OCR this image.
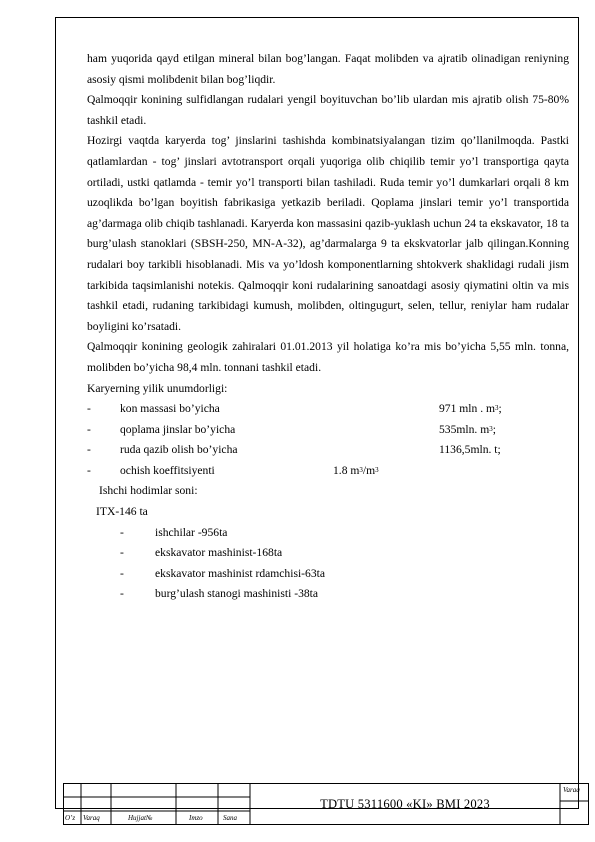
ham yuqorida qayd etilgan mineral bilan bog’langan. Faqat molibden va ajratib olinadigan reniyning asosiy qismi molibdenit bilan bog’liqdir.

Qalmoqqir konining sulfidlangan rudalari yengil boyituvchan bo’lib ulardan mis ajratib olish 75-80% tashkil etadi.

Hozirgi vaqtda karyerda tog’ jinslarini tashishda kombinatsiyalangan tizim qo’llanilmoqda. Pastki qatlamlardan - tog’ jinslari avtotransport orqali yuqoriga olib chiqilib temir yo’l transportiga qayta ortiladi, ustki qatlamda - temir yo’l transporti bilan tashiladi. Ruda temir yo’l dumkarlari orqali 8 km uzoqlikda bo’lgan boyitish fabrikasiga yetkazib beriladi. Qoplama jinslari temir yo’l transportida ag’darmaga olib chiqib tashlanadi. Karyerda kon massasini qazib-yuklash uchun 24 ta ekskavator, 18 ta burg’ulash stanoklari (SBSH-250, MN-A-32), ag’darmalarga 9 ta ekskvatorlar jalb qilingan.Konning rudalari boy tarkibli hisoblanadi. Mis va yo’ldosh komponentlarning shtokverk shaklidagi rudali jism tarkibida taqsimlanishi notekis. Qalmoqqir koni rudalarining sanoatdagi asosiy qiymatini oltin va mis tashkil etadi, rudaning tarkibidagi kumush, molibden, oltingugurt, selen, tellur, reniylar ham rudalar boyligini ko’rsatadi.

Qalmoqqir konining geologik zahiralari 01.01.2013 yil holatiga ko’ra mis bo’yicha 5,55 mln. tonna, molibden bo’yicha 98,4 mln. tonnani tashkil etadi.

Karyerning yilik unumdorligi:
-	kon massasi bo’yicha	971 mln . $m^3$;
-	qoplama jinslar bo’yicha	535mln. $m^3$;
-	ruda qazib olish bo’yicha	1136,5mln. t;
-	ochish koeffitsiyenti	1.8 $m^3/m^3$
Ishchi hodimlar soni:
ITX-146 ta
-	ishchilar -956ta
-	ekskavator mashinist-168ta
-	ekskavator mashinist rdamchisi-63ta
-	burg’ulash stanogi mashinisti -38ta
O’z Varaq	Hujjat№	Imzo	Sana
TDTU 5311600 «KI» BMI 2023
Varaq
